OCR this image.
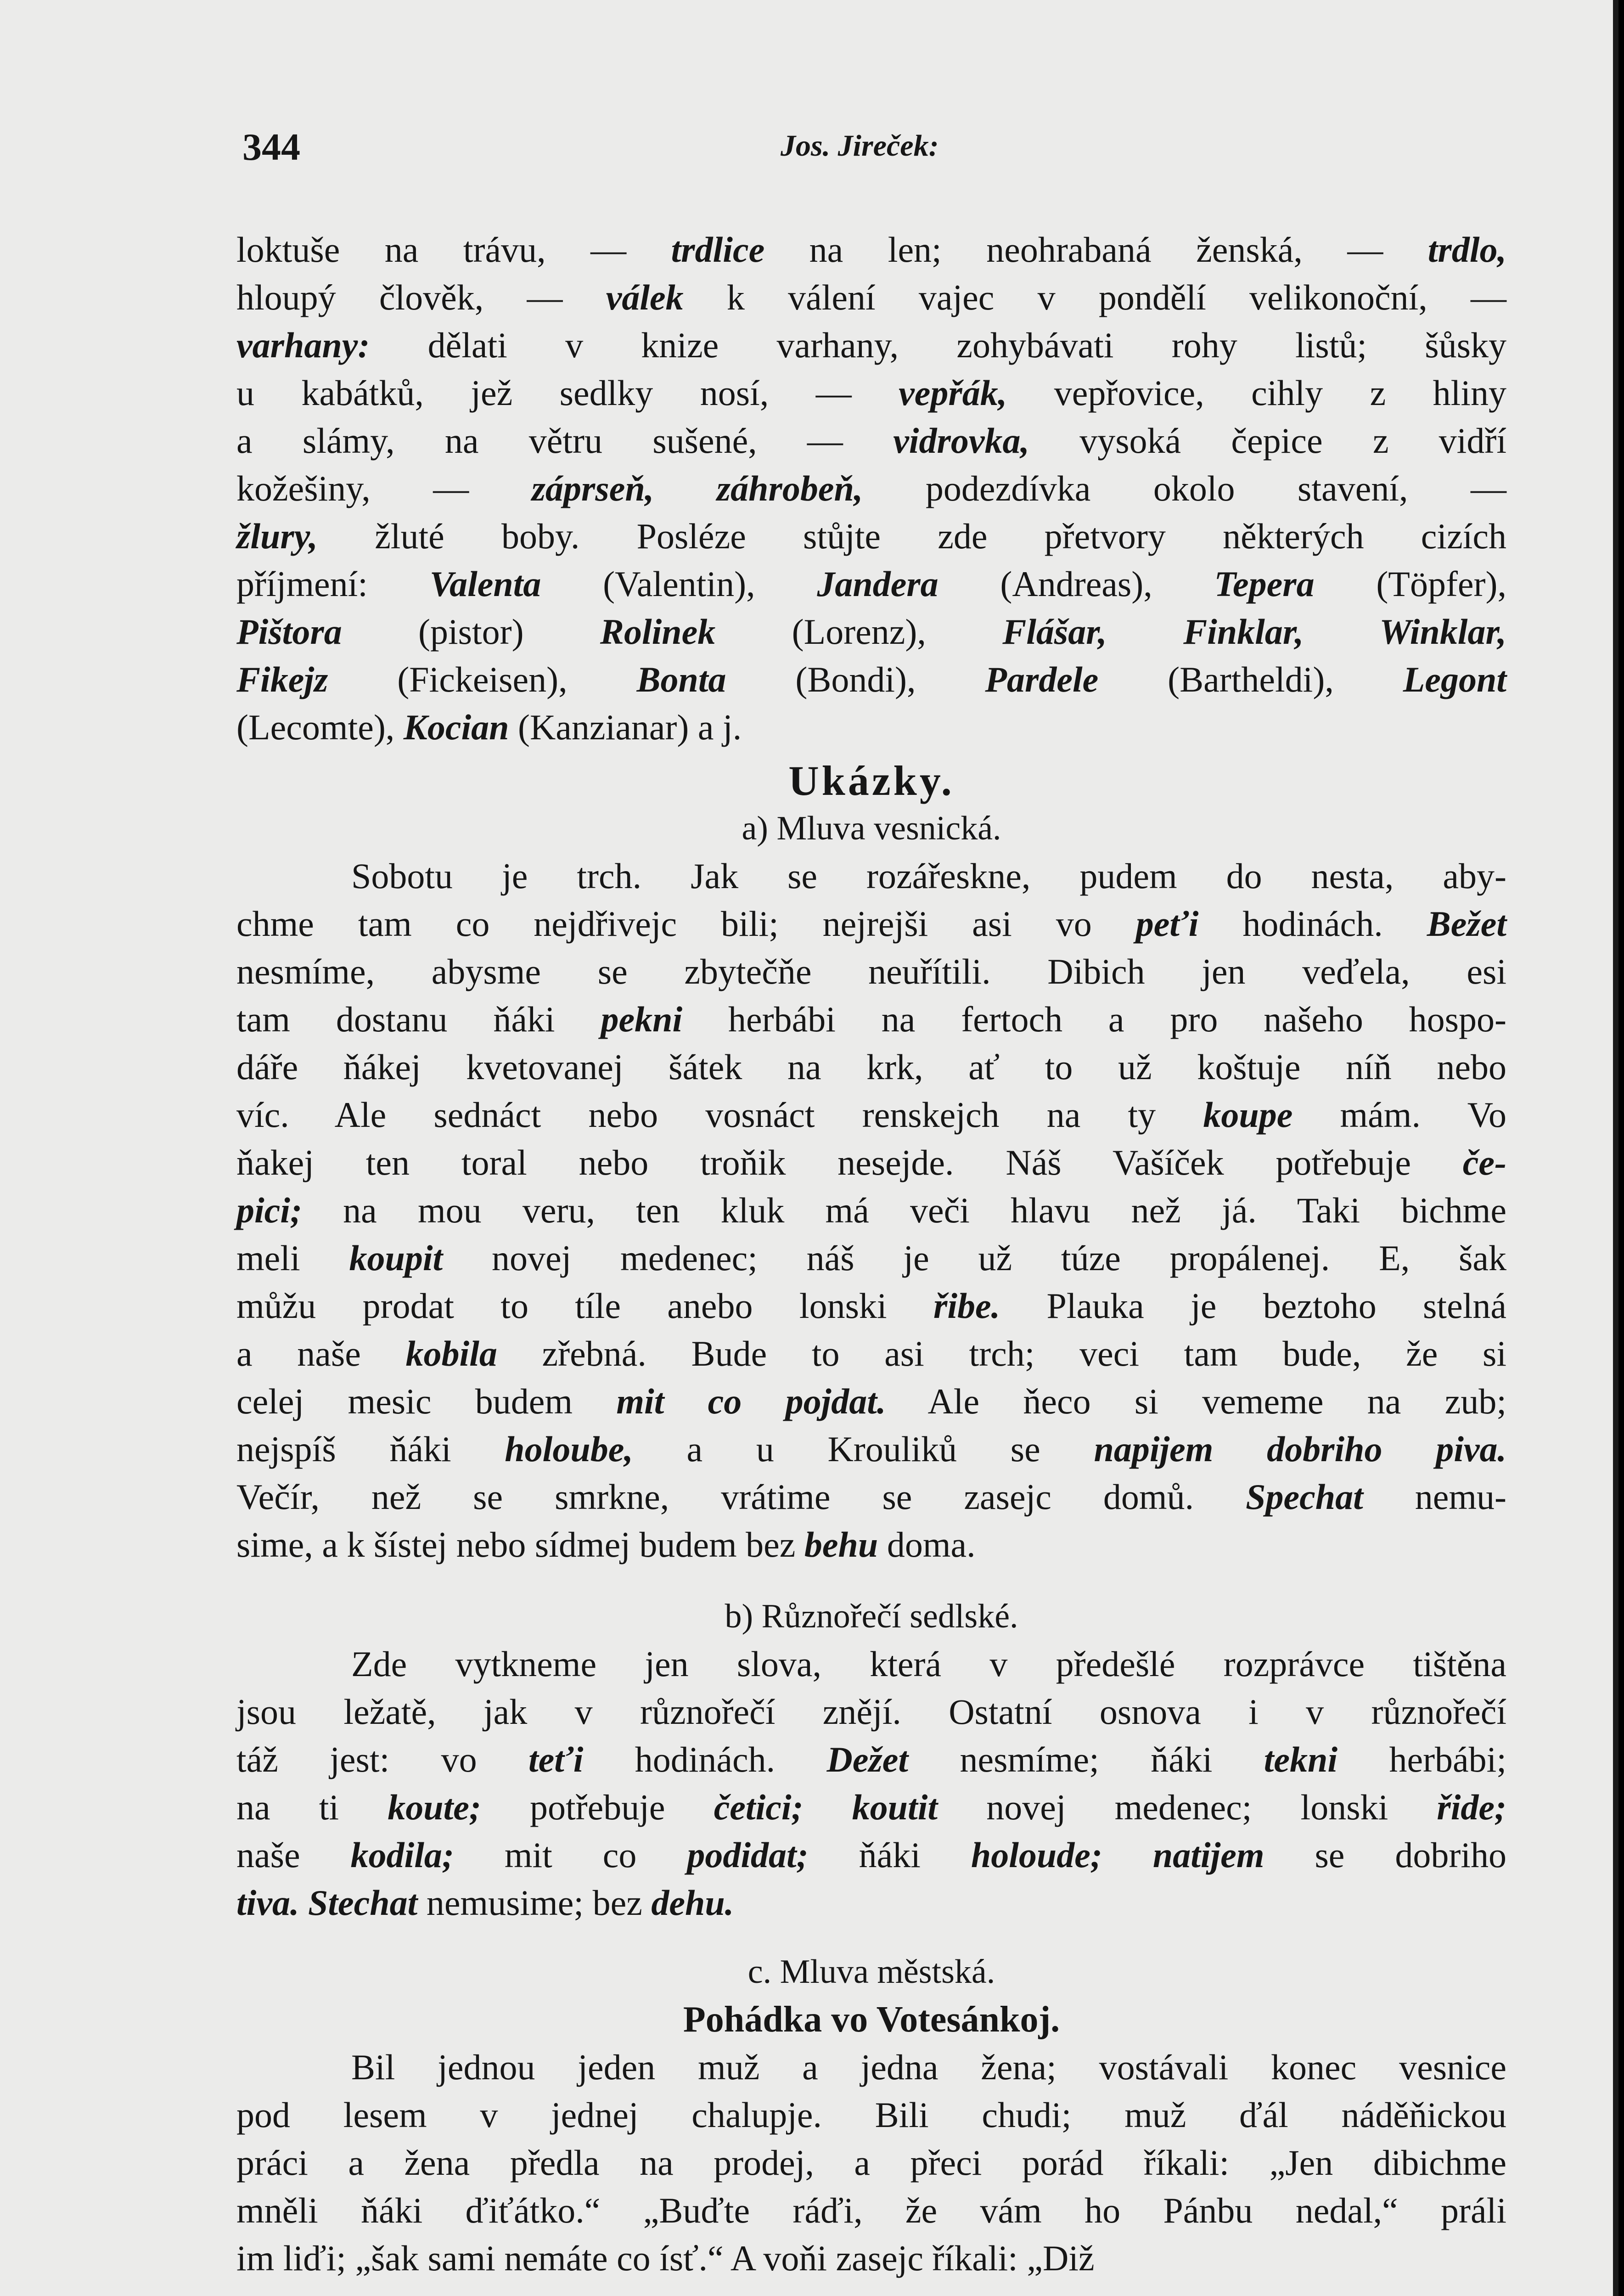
344	Jos. Jireček:
loktuše na trávu, — trdlice na len; neohrabaná ženská, — trdlo,
hloupý člověk, — válek k válení vajec v pondělí velikonoční, —
varhany: dělati v knize varhany, zohybávati rohy listů; šůsky
u kabátků, jež sedlky nosí, — vepřák, vepřovice, cihly z hliny
a slámy, na větru sušené, — vidrovka, vysoká čepice z vidří
kožešiny, — záprseň, záhrobeň, podezdívka okolo stavení, —
žlury, žluté boby. Posléze stůjte zde přetvory některých cizích
příjmení: Valenta (Valentin), Jandera (Andreas), Tepera (Töpfer),
Pištora (pistor) Rolinek (Lorenz), Flášar, Finklar, Winklar,
Fikejz (Fickeisen), Bonta (Bondi), Pardele (Bartheldi), Legont
(Lecomte), Kocian (Kanzianar) a j.
Ukázky.
a) Mluva vesnická.
Sobotu je trch. Jak se rozářeskne, pudem do nesta, aby-
chme tam co nejdřivejc bili; nejrejši asi vo peťi hodinách. Bežet
nesmíme, abysme se zbytečňe neuřítili. Dibich jen veďela, esi
tam dostanu ňáki pekni herbábi na fertoch a pro našeho hospo-
dáře ňákej kvetovanej šátek na krk, ať to už koštuje níň nebo
víc. Ale sednáct nebo vosnáct renskejch na ty koupe mám. Vo
ňakej ten toral nebo troňik nesejde. Náš Vašíček potřebuje če-
pici; na mou veru, ten kluk má veči hlavu než já. Taki bichme
meli koupit novej medenec; náš je už túze propálenej. E, šak
můžu prodat to tíle anebo lonski řibe. Plauka je beztoho stelná
a naše kobila zřebná. Bude to asi trch; veci tam bude, že si
celej mesic budem mit co pojdat. Ale ňeco si vememe na zub;
nejspíš ňáki holoube, a u Krouliků se napijem dobriho piva.
Večír, než se smrkne, vrátime se zasejc domů. Spechat nemu-
sime, a k šístej nebo sídmej budem bez behu doma.
b) Různořečí sedlské.
Zde vytkneme jen slova, která v předešlé rozprávce tištěna
jsou ležatě, jak v různořečí znějí. Ostatní osnova i v různořečí
táž jest: vo teťi hodinách. Dežet nesmíme; ňáki tekni herbábi;
na ti koute; potřebuje četici; koutit novej medenec; lonski řide;
naše kodila; mit co podidat; ňáki holoude; natijem se dobriho
tiva. Stechat nemusime; bez dehu.
c. Mluva městská.
Pohádka vo Votesánkoj.
Bil jednou jeden muž a jedna žena; vostávali konec vesnice
pod lesem v jednej chalupje. Bili chudi; muž ďál náděňickou
práci a žena předla na prodej, a přeci porád říkali: „Jen dibichme
mněli ňáki ďiťátko.“ „Buďte ráďi, že vám ho Pánbu nedal,“ práli
im liďi; „šak sami nemáte co ísť.“ A voňi zasejc říkali: „Diž
